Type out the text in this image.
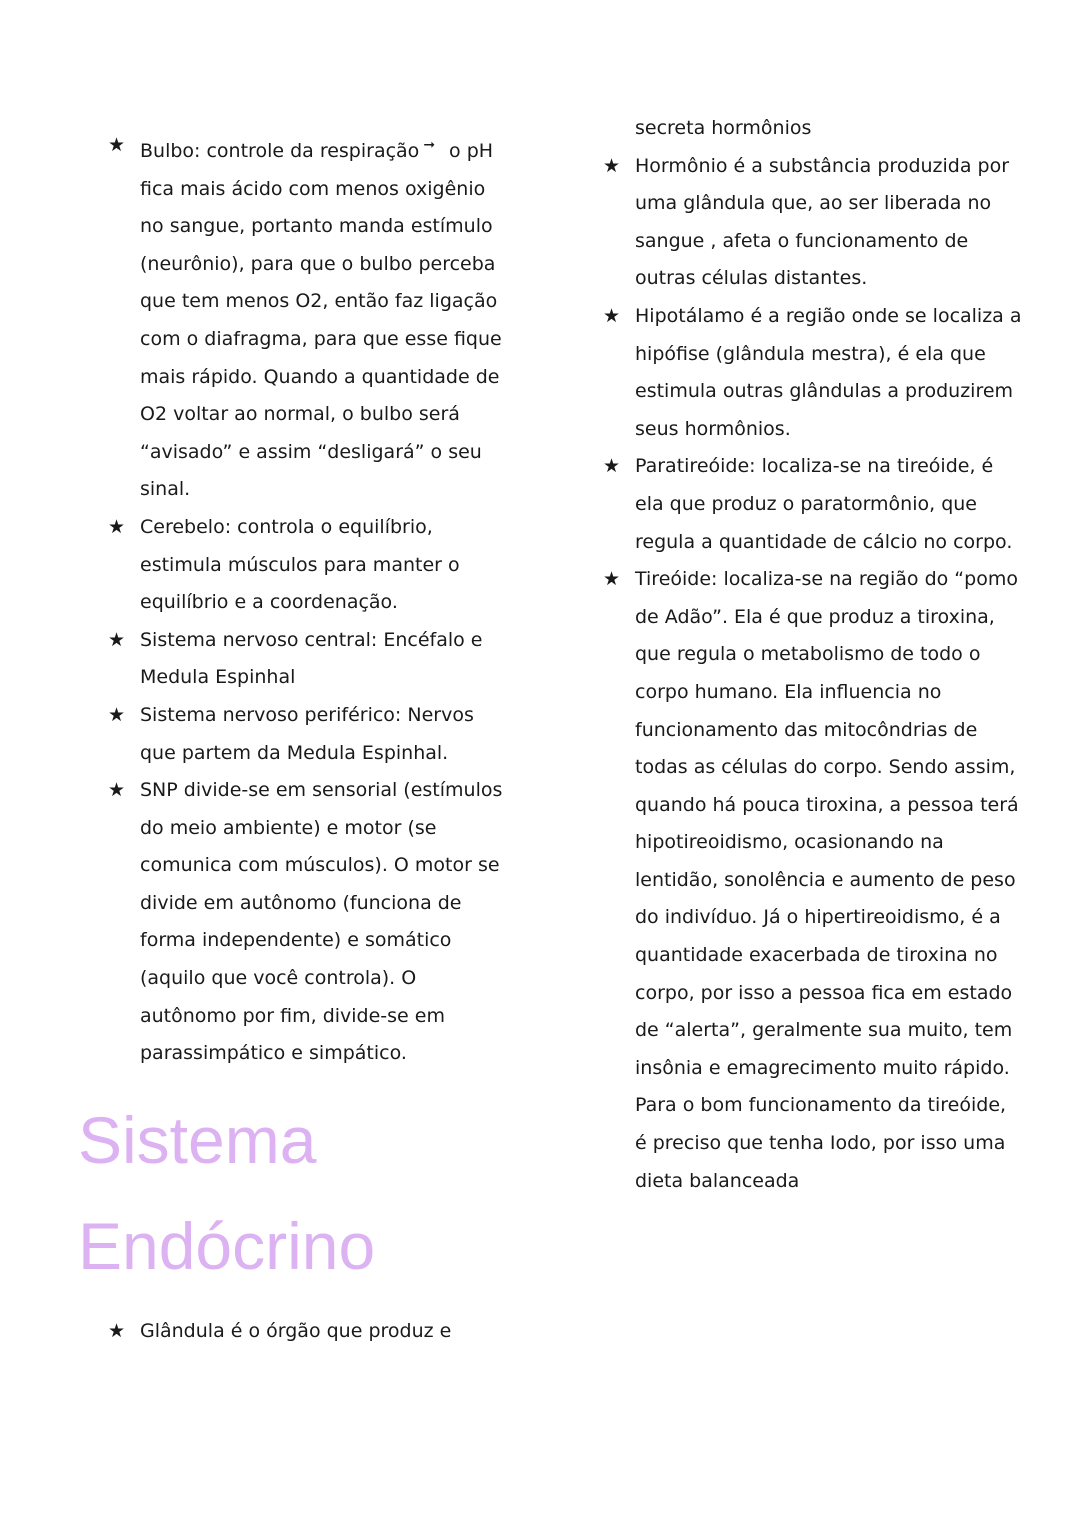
★ Bulbo: controle da respiração ➞ o pH fica mais ácido com menos oxigênio no sangue, portanto manda estímulo (neurônio), para que o bulbo perceba que tem menos O2, então faz ligação com o diafragma, para que esse fique mais rápido. Quando a quantidade de O2 voltar ao normal, o bulbo será “avisado” e assim “desligará” o seu sinal.
★ Cerebelo: controla o equilíbrio, estimula músculos para manter o equilíbrio e a coordenação.
★ Sistema nervoso central: Encéfalo e Medula Espinhal
★ Sistema nervoso periférico: Nervos que partem da Medula Espinhal.
★ SNP divide-se em sensorial (estímulos do meio ambiente) e motor (se comunica com músculos). O motor se divide em autônomo (funciona de forma independente) e somático (aquilo que você controla). O autônomo por fim, divide-se em parassimpático e simpático.
Sistema Endócrino
★ Glândula é o órgão que produz e
secreta hormônios
★ Hormônio é a substância produzida por uma glândula que, ao ser liberada no sangue , afeta o funcionamento de outras células distantes.
★ Hipotálamo é a região onde se localiza a hipófise (glândula mestra), é ela que estimula outras glândulas a produzirem seus hormônios.
★ Paratireóide: localiza-se na tireóide, é ela que produz o paratormônio, que regula a quantidade de cálcio no corpo.
★ Tireóide: localiza-se na região do “pomo de Adão”. Ela é que produz a tiroxina, que regula o metabolismo de todo o corpo humano. Ela influencia no funcionamento das mitocôndrias de todas as células do corpo. Sendo assim, quando há pouca tiroxina, a pessoa terá hipotireoidismo, ocasionando na lentidão, sonolência e aumento de peso do indivíduo. Já o hipertireoidismo, é a quantidade exacerbada de tiroxina no corpo, por isso a pessoa fica em estado de “alerta”, geralmente sua muito, tem insônia e emagrecimento muito rápido. Para o bom funcionamento da tireóide, é preciso que tenha Iodo, por isso uma dieta balanceada
